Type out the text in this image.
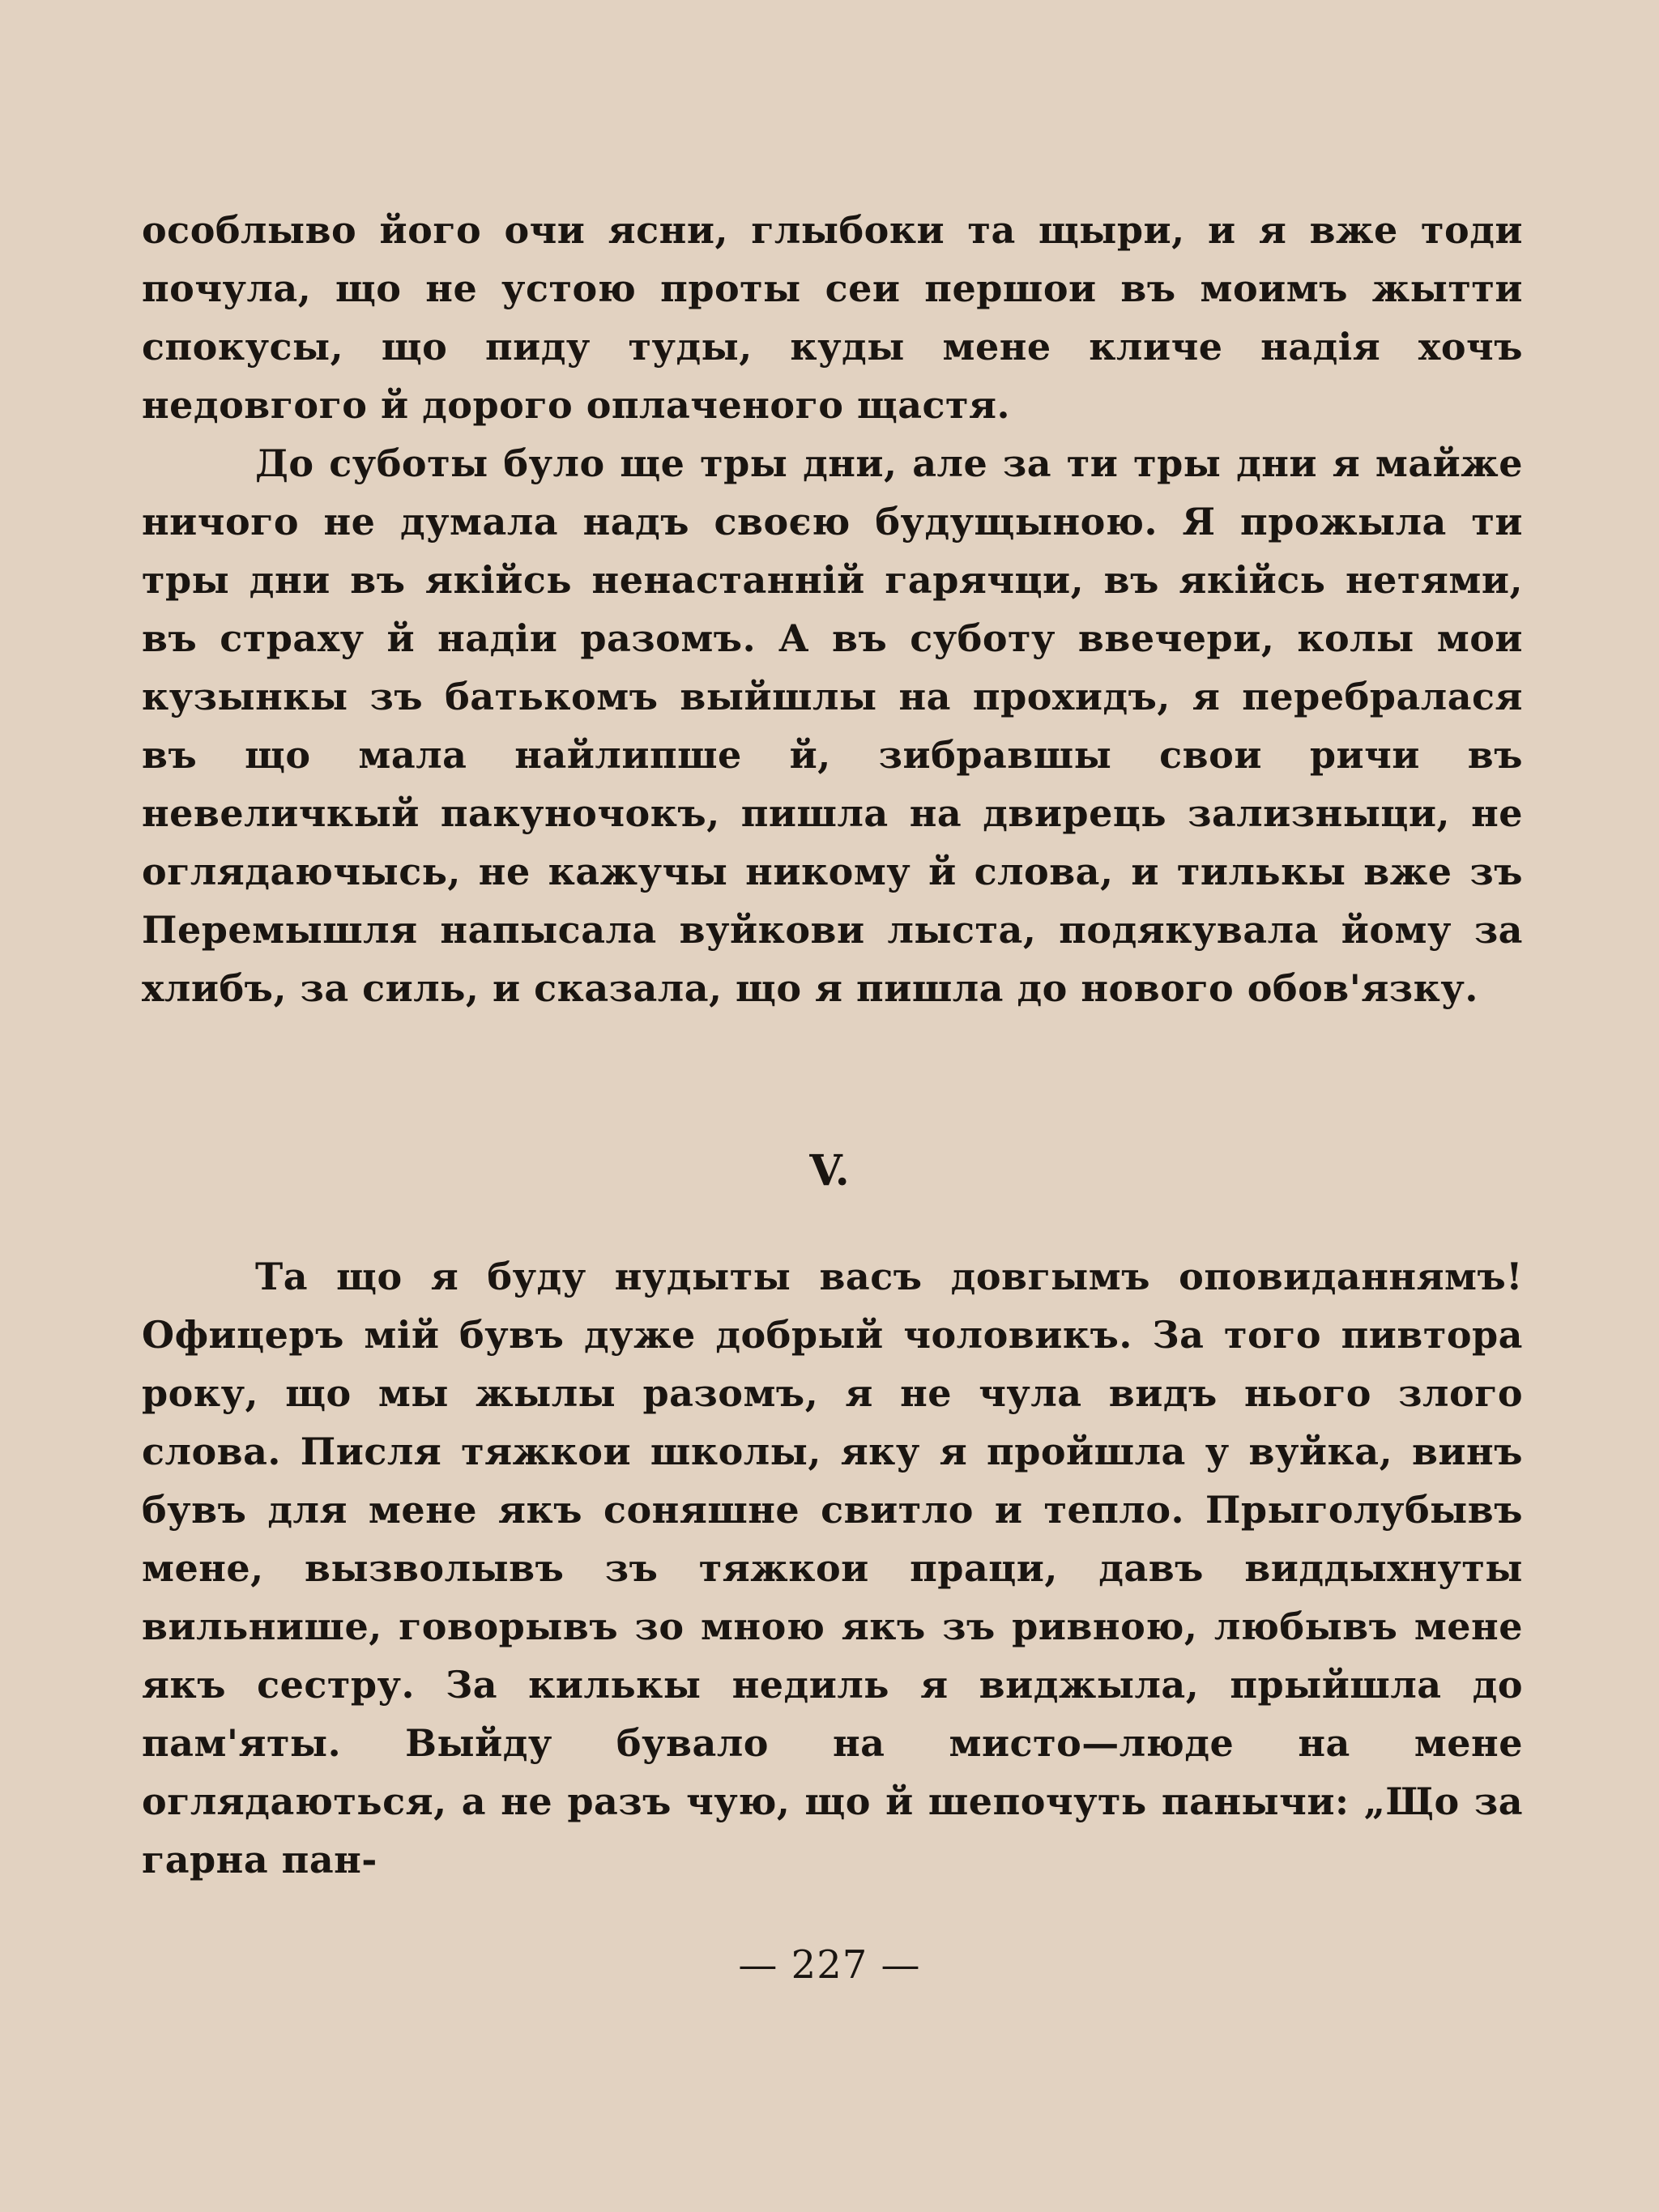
особлыво його очи ясни, глыбоки та щыри, и я вже тоди почула, що не устою проты сеи першои въ моимъ жытти спокусы, що пиду туды, куды мене кличе надія хочъ недовгого й дорого оплаченого щастя.

До суботы було ще тры дни, але за ти тры дни я майже ничого не думала надъ своєю будущыною. Я прожыла ти тры дни въ якійсь ненастанній гарячци, въ якійсь нетями, въ страху й надіи разомъ. А въ суботу ввечери, колы мои кузынкы зъ батькомъ выйшлы на прохидъ, я перебралася въ що мала найлипше й, зибравшы свои ричи въ невеличкый пакуночокъ, пишла на двирець зализныци, не оглядаючысь, не кажучы никому й слова, и тилькы вже зъ Перемышля напысала вуйкови лыста, подякувала йому за хлибъ, за силь, и сказала, що я пишла до нового обов'язку.

V.

Та що я буду нудыты васъ довгымъ оповиданнямъ! Офицеръ мій бувъ дуже добрый чоловикъ. За того пивтора року, що мы жылы разомъ, я не чула видъ нього злого слова. Писля тяжкои школы, яку я пройшла у вуйка, винъ бувъ для мене якъ соняшне свитло и тепло. Прыголубывъ мене, вызволывъ зъ тяжкои праци, давъ виддыхнуты вильнише, говорывъ зо мною якъ зъ ривною, любывъ мене якъ сестру. За килькы недиль я виджыла, прыйшла до пам'яты. Выйду бувало на мисто—люде на мене оглядаються, а не разъ чую, що й шепочуть панычи: „Що за гарна пан-

— 227 —
